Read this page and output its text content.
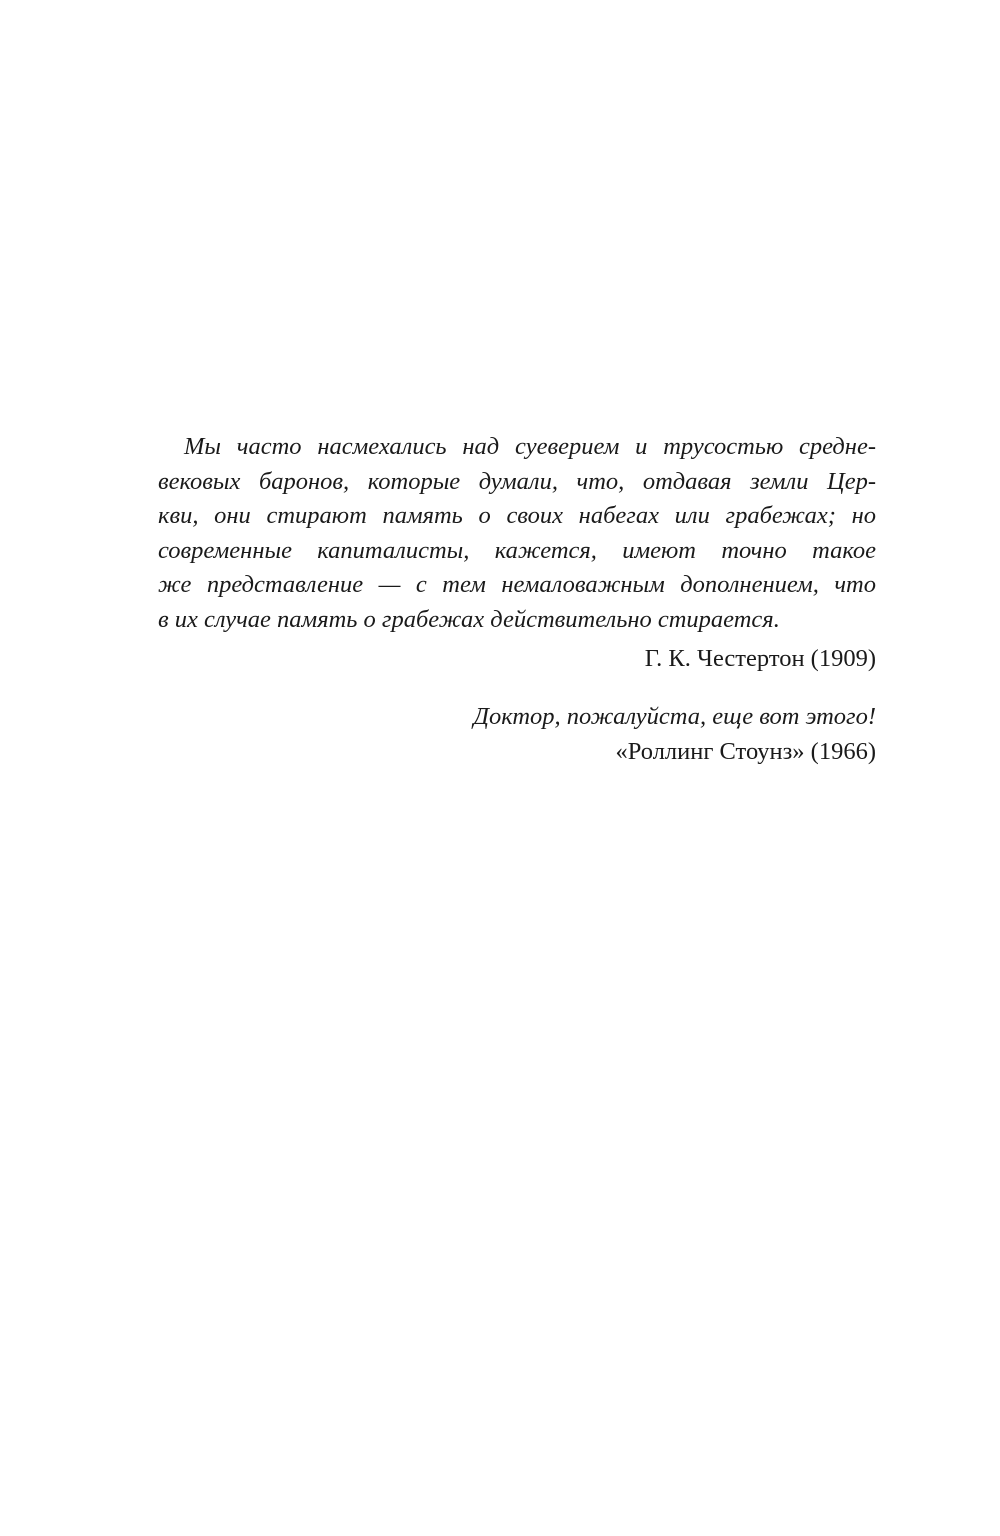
Мы часто насмехались над суеверием и трусостью средне-
вековых баронов, которые думали, что, отдавая земли Цер-
кви, они стирают память о своих набегах или грабежах; но
современные капиталисты, кажется, имеют точно такое
же представление — с тем немаловажным дополнением, что
в их случае память о грабежах действительно стирается.
Г. К. Честертон (1909)
Доктор, пожалуйста, еще вот этого!
«Роллинг Стоунз» (1966)
